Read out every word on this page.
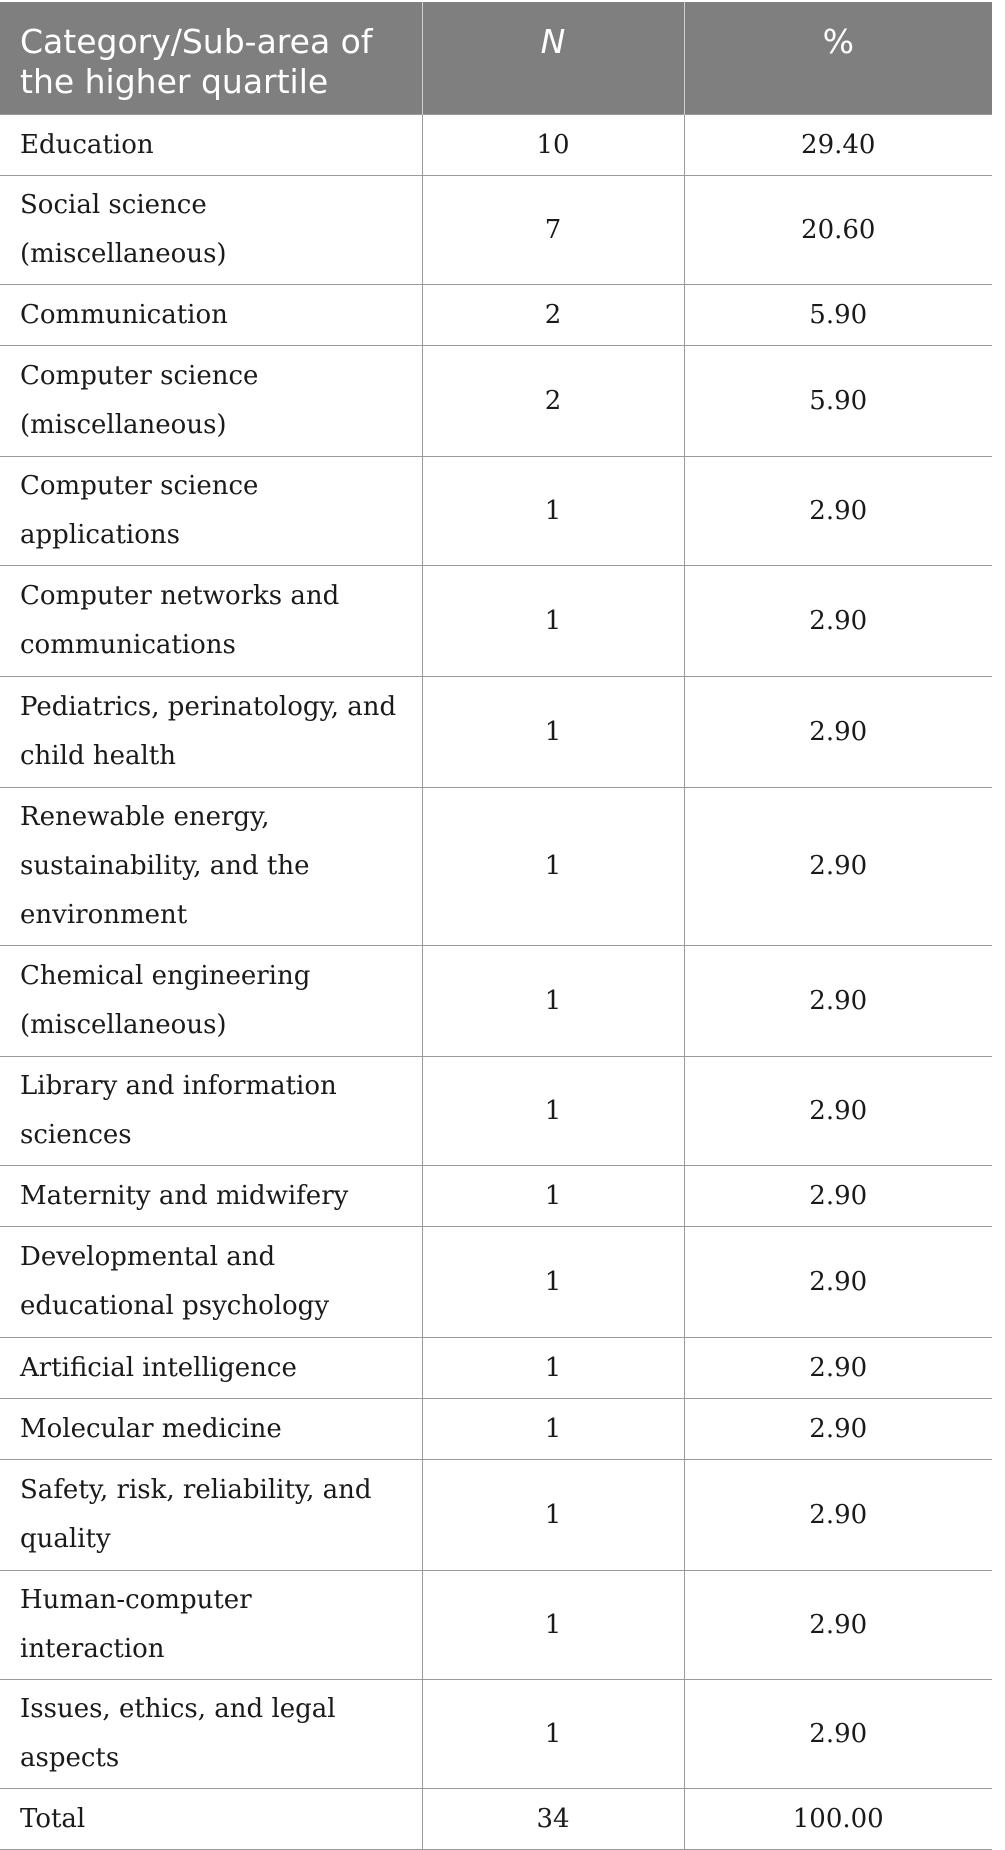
Category/Sub-area of the higher quartile	N	%
Education	10	29.40
Social science (miscellaneous)	7	20.60
Communication	2	5.90
Computer science (miscellaneous)	2	5.90
Computer science applications	1	2.90
Computer networks and communications	1	2.90
Pediatrics, perinatology, and child health	1	2.90
Renewable energy, sustainability, and the environment	1	2.90
Chemical engineering (miscellaneous)	1	2.90
Library and information sciences	1	2.90
Maternity and midwifery	1	2.90
Developmental and educational psychology	1	2.90
Artificial intelligence	1	2.90
Molecular medicine	1	2.90
Safety, risk, reliability, and quality	1	2.90
Human-computer interaction	1	2.90
Issues, ethics, and legal aspects	1	2.90
Total	34	100.00
